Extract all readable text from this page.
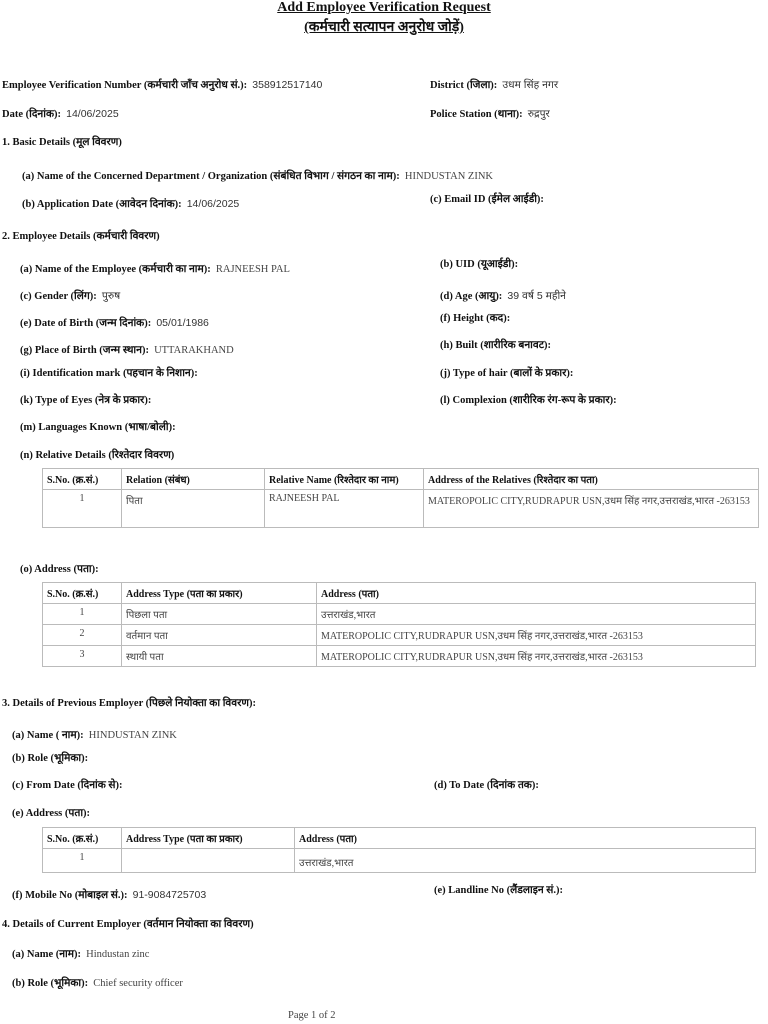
Add Employee Verification Request
(कर्मचारी सत्यापन अनुरोध जोड़ें)
Employee Verification Number (कर्मचारी जाँच अनुरोध सं.): 358912517140	District (जिला): उधम सिंह नगर
Date (दिनांक): 14/06/2025	Police Station (थाना): रुद्रपुर
1. Basic Details (मूल विवरण)
(a) Name of the Concerned Department / Organization (संबंधित विभाग / संगठन का नाम): HINDUSTAN ZINK
(b) Application Date (आवेदन दिनांक): 14/06/2025	(c) Email ID (ईमेल आईडी):
2. Employee Details (कर्मचारी विवरण)
(a) Name of the Employee (कर्मचारी का नाम): RAJNEESH PAL	(b) UID (यूआईडी):
(c) Gender (लिंग): पुरुष	(d) Age (आयु): 39 वर्ष 5 महीने
(e) Date of Birth (जन्म दिनांक): 05/01/1986	(f) Height (कद):
(g) Place of Birth (जन्म स्थान): UTTARAKHAND	(h) Built (शारीरिक बनावट):
(i) Identification mark (पहचान के निशान):	(j) Type of hair (बालों के प्रकार):
(k) Type of Eyes (नेत्र के प्रकार):	(l) Complexion (शारीरिक रंग-रूप के प्रकार):
(m) Languages Known (भाषा/बोली):
(n) Relative Details (रिश्तेदार विवरण)
S.No. (क्र.सं.)	Relation (संबंध)	Relative Name (रिश्तेदार का नाम)	Address of the Relatives (रिश्तेदार का पता)
1	पिता	RAJNEESH PAL	MATEROPOLIC CITY,RUDRAPUR USN,उधम सिंह नगर,उत्तराखंड,भारत -263153
(o) Address (पता):
S.No. (क्र.सं.)	Address Type (पता का प्रकार)	Address (पता)
1	पिछला पता	उत्तराखंड,भारत
2	वर्तमान पता	MATEROPOLIC CITY,RUDRAPUR USN,उधम सिंह नगर,उत्तराखंड,भारत -263153
3	स्थायी पता	MATEROPOLIC CITY,RUDRAPUR USN,उधम सिंह नगर,उत्तराखंड,भारत -263153
3. Details of Previous Employer (पिछले नियोक्ता का विवरण):
(a) Name ( नाम): HINDUSTAN ZINK
(b) Role (भूमिका):
(c) From Date (दिनांक से):	(d) To Date (दिनांक तक):
(e) Address (पता):
S.No. (क्र.सं.)	Address Type (पता का प्रकार)	Address (पता)
1		उत्तराखंड,भारत
(f) Mobile No (मोबाइल सं.): 91-9084725703	(e) Landline No (लैंडलाइन सं.):
4. Details of Current Employer (वर्तमान नियोक्ता का विवरण)
(a) Name (नाम): Hindustan zinc
(b) Role (भूमिका): Chief security officer
Page 1 of 2
